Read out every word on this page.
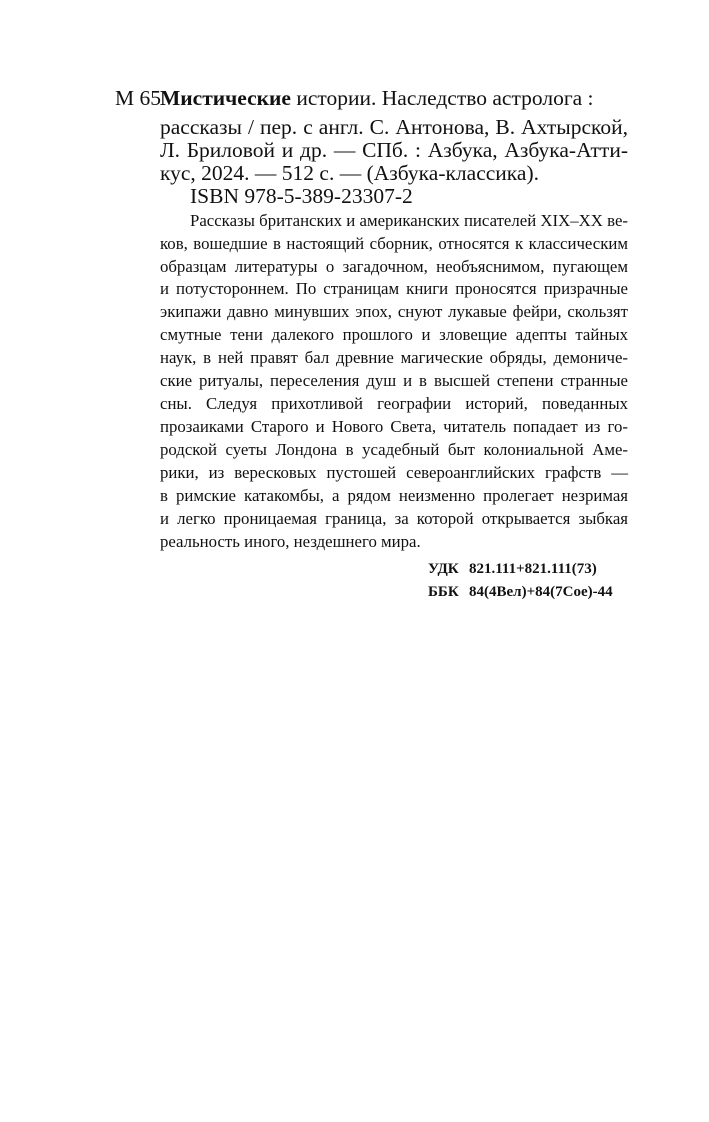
М 65 Мистические истории. Наследство астролога :
рассказы / пер. с англ. С. Антонова, В. Ахтырской,
Л. Бриловой и др. — СПб. : Азбука, Азбука-Атти-
кус, 2024. — 512 с. — (Азбука-классика).
ISBN 978-5-389-23307-2
Рассказы британских и американских писателей XIX–XX ве-
ков, вошедшие в настоящий сборник, относятся к классическим
образцам литературы о загадочном, необъяснимом, пугающем
и потустороннем. По страницам книги проносятся призрачные
экипажи давно минувших эпох, снуют лукавые фейри, скользят
смутные тени далекого прошлого и зловещие адепты тайных
наук, в ней правят бал древние магические обряды, демониче-
ские ритуалы, переселения душ и в высшей степени странные
сны. Следуя прихотливой географии историй, поведанных
прозаиками Старого и Нового Света, читатель попадает из го-
родской суеты Лондона в усадебный быт колониальной Аме-
рики, из вересковых пустошей североанглийских графств —
в римские катакомбы, а рядом неизменно пролегает незримая
и легко проницаемая граница, за которой открывается зыбкая
реальность иного, нездешнего мира.
УДК 821.111+821.111(73)
ББК 84(4Вел)+84(7Сое)-44
